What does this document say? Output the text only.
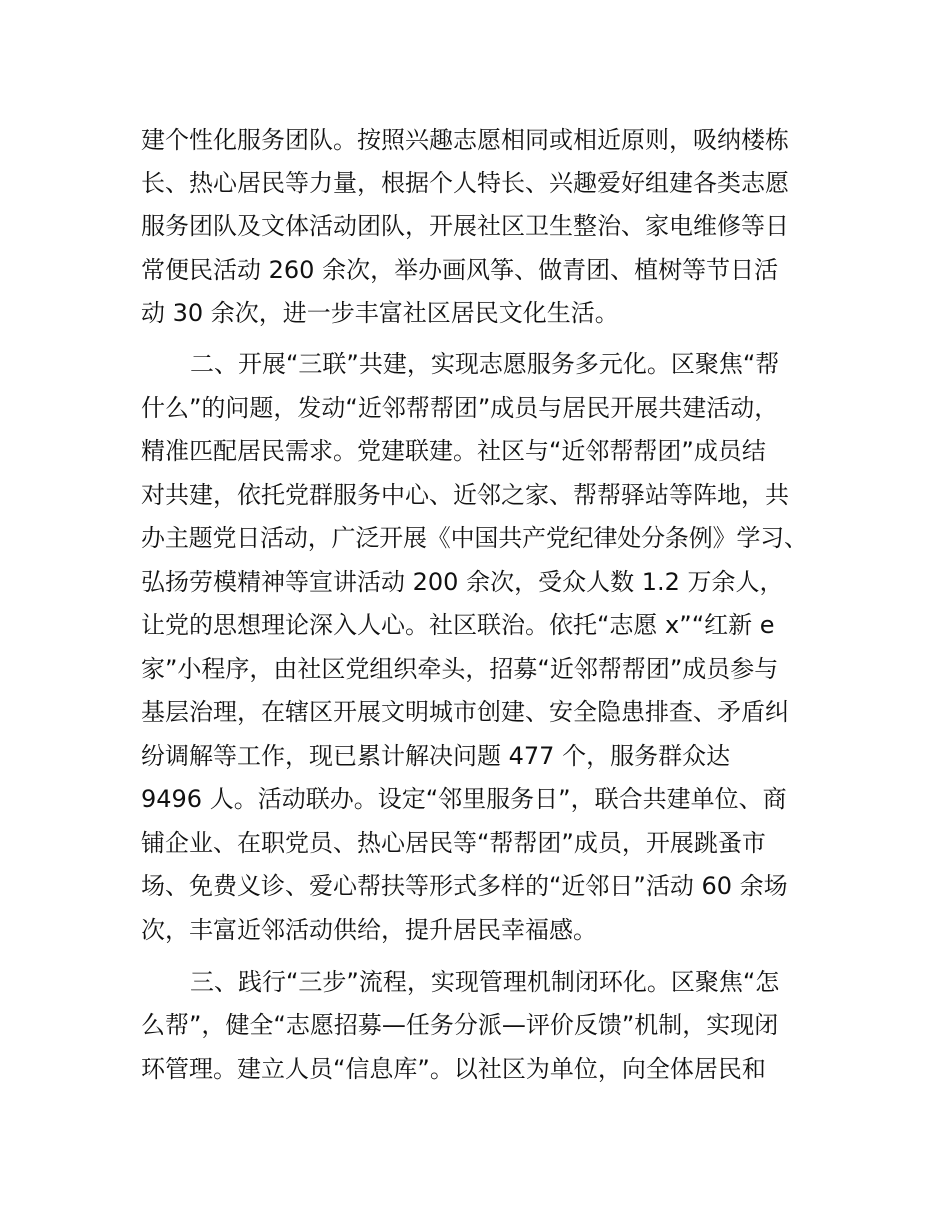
建个性化服务团队。按照兴趣志愿相同或相近原则，吸纳楼栋
长、热心居民等力量，根据个人特长、兴趣爱好组建各类志愿
服务团队及文体活动团队，开展社区卫生整治、家电维修等日
常便民活动 260 余次，举办画风筝、做青团、植树等节日活
动 30 余次，进一步丰富社区居民文化生活。
二、开展“三联”共建，实现志愿服务多元化。区聚焦“帮
什么”的问题，发动“近邻帮帮团”成员与居民开展共建活动，
精准匹配居民需求。党建联建。社区与“近邻帮帮团”成员结
对共建，依托党群服务中心、近邻之家、帮帮驿站等阵地，共
办主题党日活动，广泛开展《中国共产党纪律处分条例》学习、
弘扬劳模精神等宣讲活动 200 余次，受众人数 1.2 万余人，
让党的思想理论深入人心。社区联治。依托“志愿 x”“红新 e
家”小程序，由社区党组织牵头，招募“近邻帮帮团”成员参与
基层治理，在辖区开展文明城市创建、安全隐患排查、矛盾纠
纷调解等工作，现已累计解决问题 477 个，服务群众达
9496 人。活动联办。设定“邻里服务日”，联合共建单位、商
铺企业、在职党员、热心居民等“帮帮团”成员，开展跳蚤市
场、免费义诊、爱心帮扶等形式多样的“近邻日”活动 60 余场
次，丰富近邻活动供给，提升居民幸福感。
三、践行“三步”流程，实现管理机制闭环化。区聚焦“怎
么帮”，健全“志愿招募—任务分派—评价反馈”机制，实现闭
环管理。建立人员“信息库”。以社区为单位，向全体居民和
